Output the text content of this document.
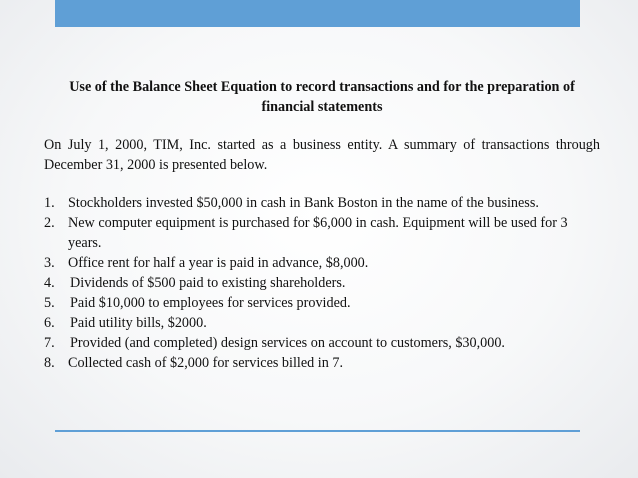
Use of the Balance Sheet Equation to record transactions and for the preparation of financial statements

On July 1, 2000, TIM, Inc. started as a business entity. A summary of transactions through December 31, 2000 is presented below.

1. Stockholders invested $50,000 in cash in Bank Boston in the name of the business.
2. New computer equipment is purchased for $6,000 in cash. Equipment will be used for 3 years.
3. Office rent for half a year is paid in advance, $8,000.
4.	Dividends of $500 paid to existing shareholders.
5.	Paid $10,000 to employees for services provided.
6.	Paid utility bills, $2000.
7.	Provided (and completed) design services on account to customers, $30,000.
8. Collected cash of $2,000 for services billed in 7.
